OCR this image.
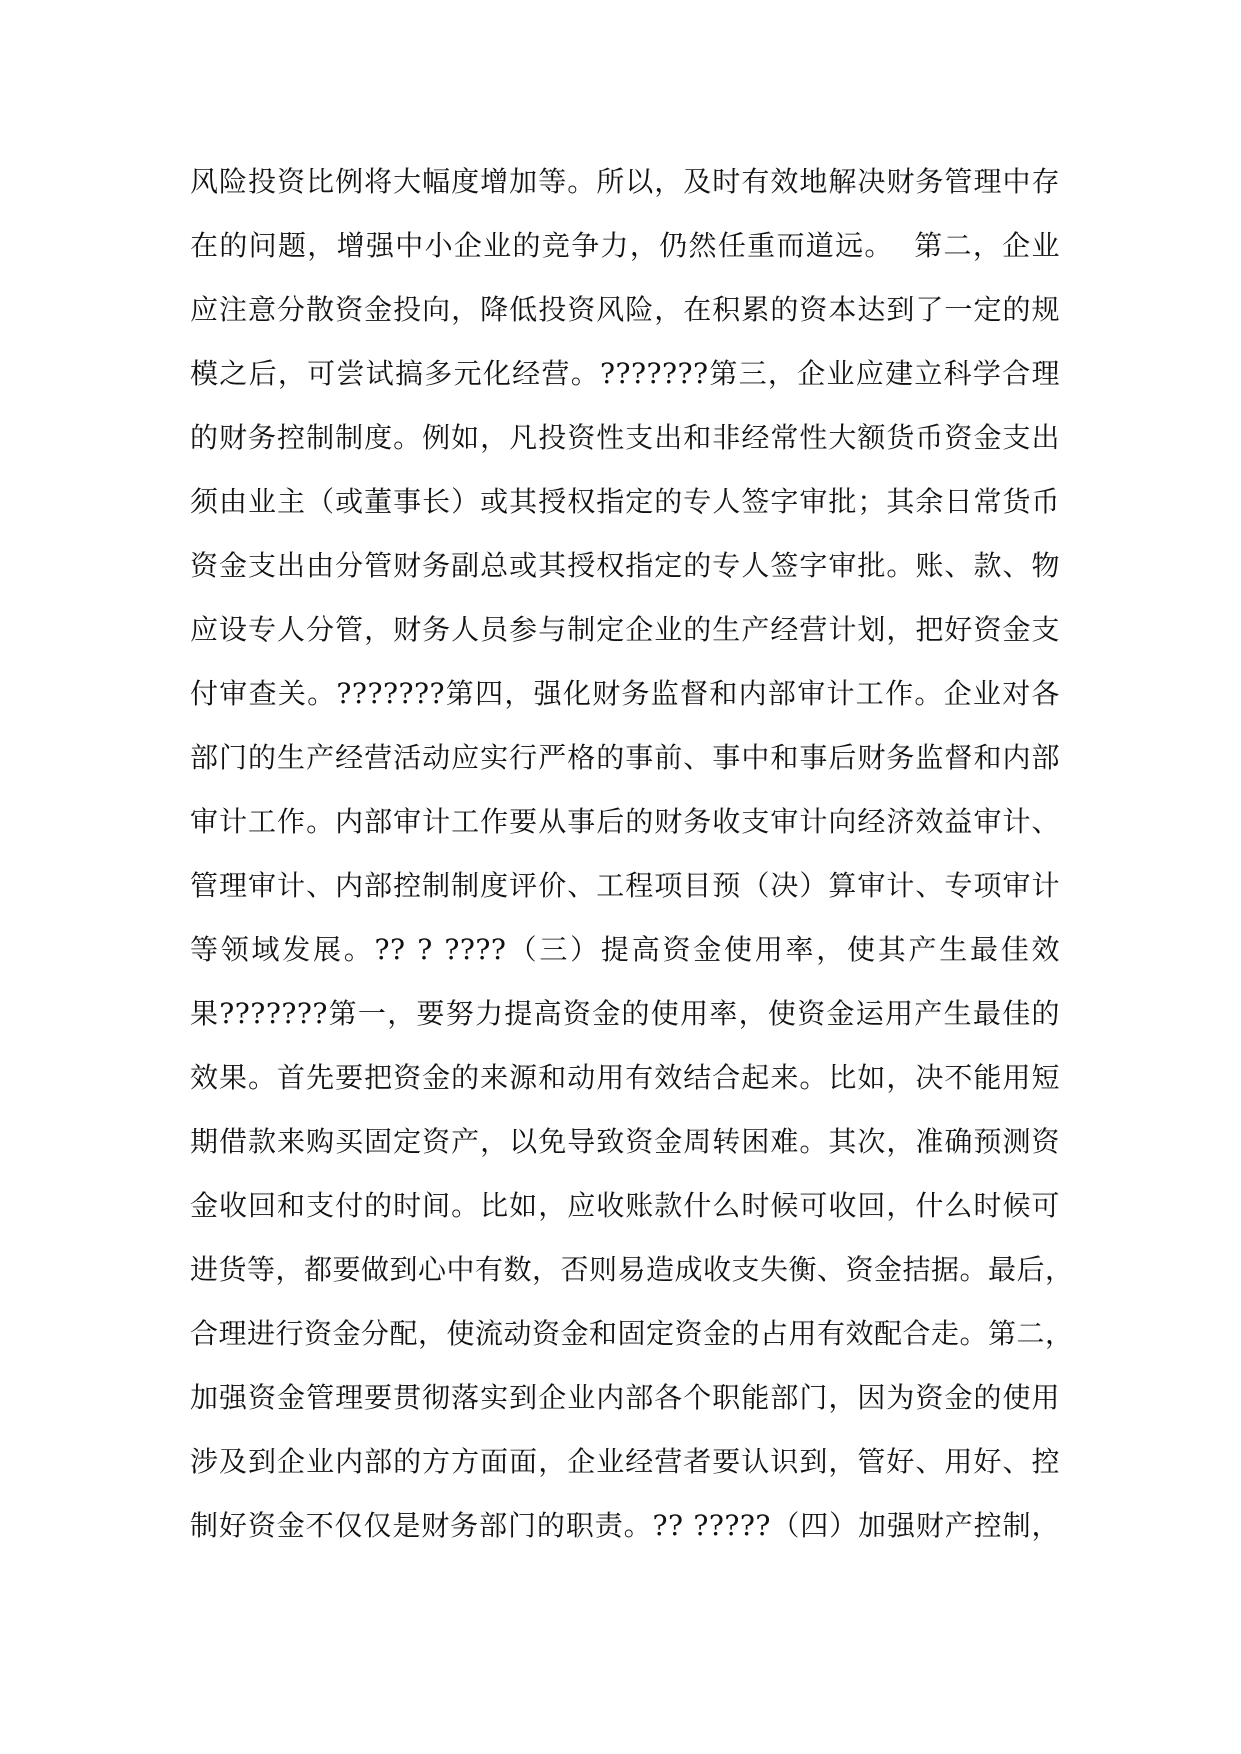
风险投资比例将大幅度增加等。所以，及时有效地解决财务管理中存
在的问题，增强中小企业的竞争力，仍然任重而道远。  第二，企业
应注意分散资金投向，降低投资风险，在积累的资本达到了一定的规
模之后，可尝试搞多元化经营。???????第三，企业应建立科学合理
的财务控制制度。例如，凡投资性支出和非经常性大额货币资金支出
须由业主（或董事长）或其授权指定的专人签字审批；其余日常货币
资金支出由分管财务副总或其授权指定的专人签字审批。账、款、物
应设专人分管，财务人员参与制定企业的生产经营计划，把好资金支
付审查关。???????第四，强化财务监督和内部审计工作。企业对各
部门的生产经营活动应实行严格的事前、事中和事后财务监督和内部
审计工作。内部审计工作要从事后的财务收支审计向经济效益审计、
管理审计、内部控制制度评价、工程项目预（决）算审计、专项审计
等领域发展。?? ? ????（三）提高资金使用率，使其产生最佳效
果???????第一，要努力提高资金的使用率，使资金运用产生最佳的
效果。首先要把资金的来源和动用有效结合起来。比如，决不能用短
期借款来购买固定资产，以免导致资金周转困难。其次，准确预测资
金收回和支付的时间。比如，应收账款什么时候可收回，什么时候可
进货等，都要做到心中有数，否则易造成收支失衡、资金拮据。最后，
合理进行资金分配，使流动资金和固定资金的占用有效配合走。第二，
加强资金管理要贯彻落实到企业内部各个职能部门，因为资金的使用
涉及到企业内部的方方面面，企业经营者要认识到，管好、用好、控
制好资金不仅仅是财务部门的职责。?? ?????（四）加强财产控制，
